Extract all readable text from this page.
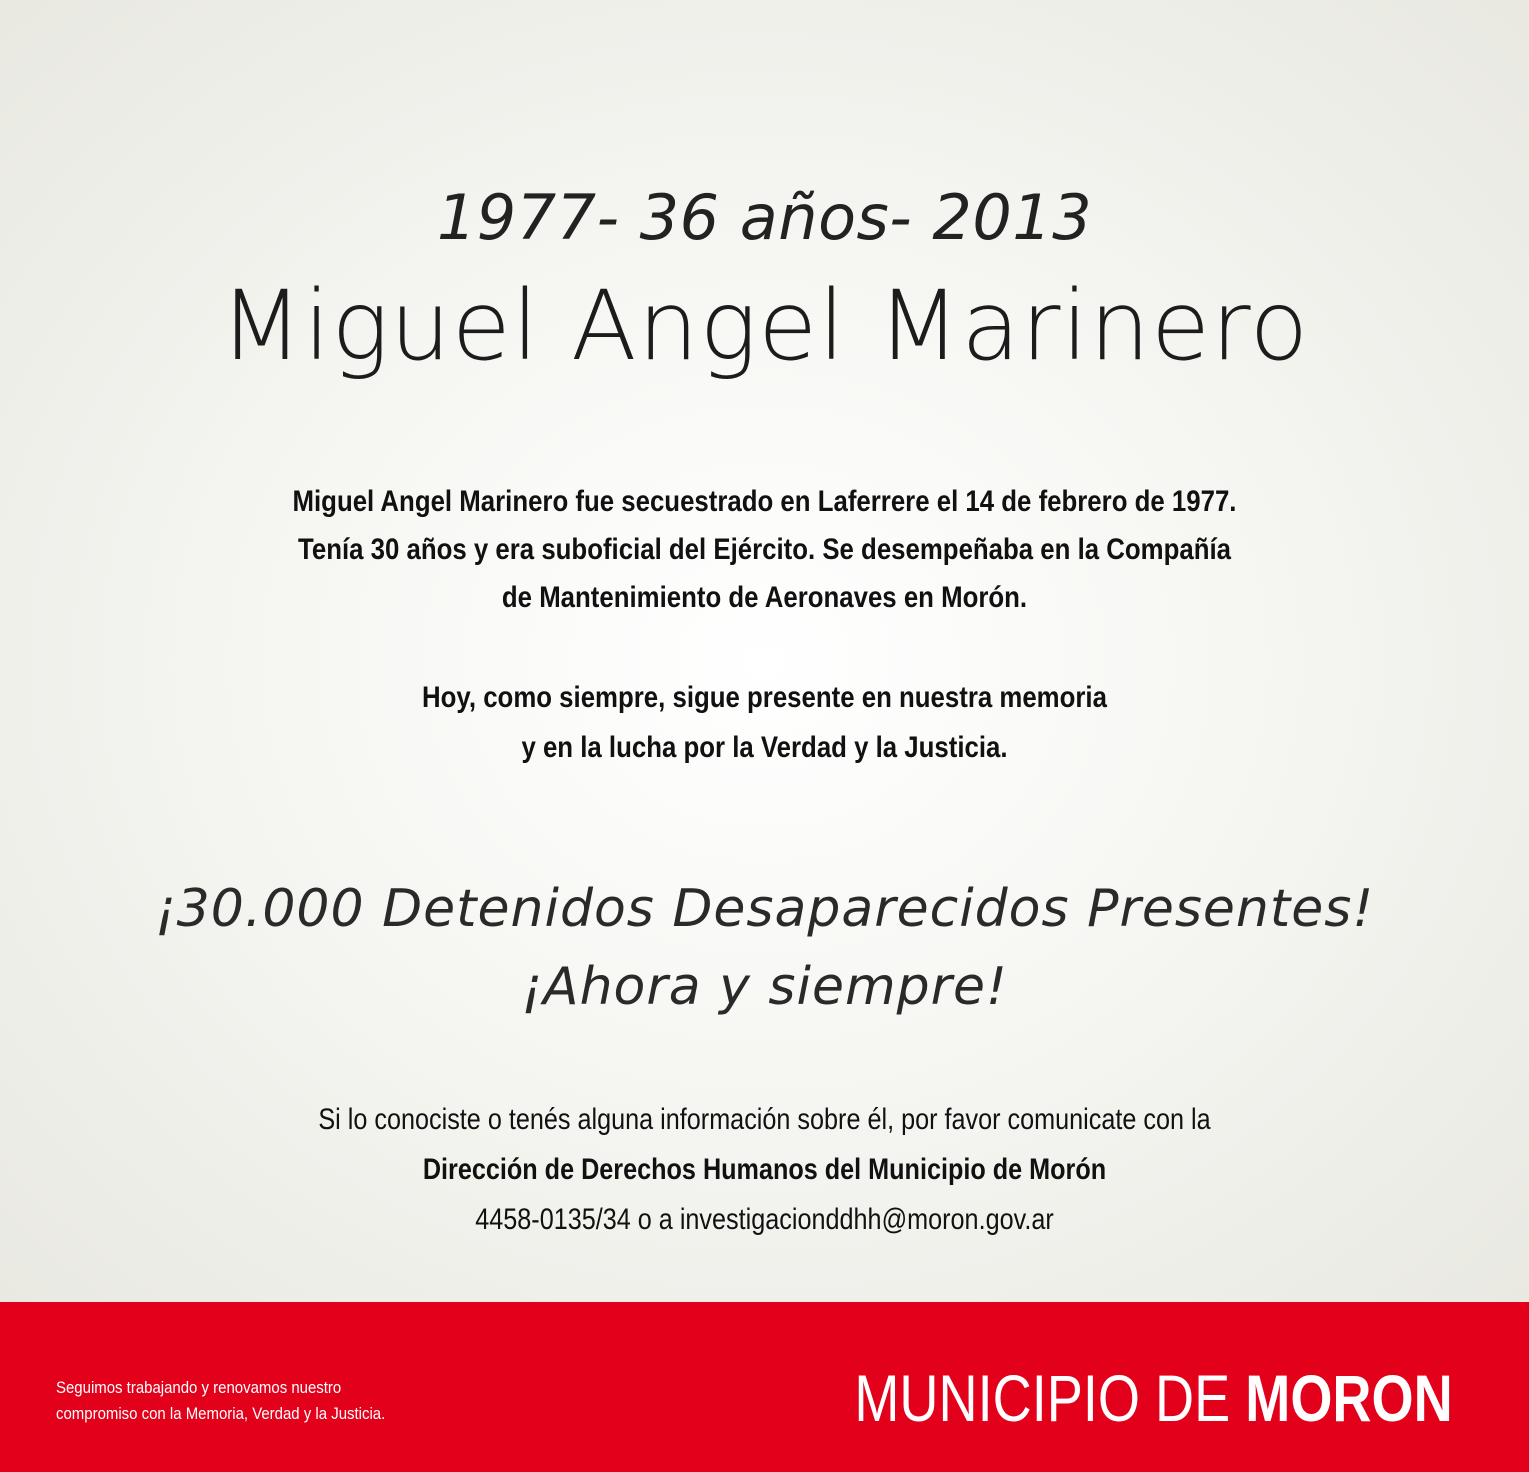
1977- 36 años- 2013
Miguel Angel Marinero
Miguel Angel Marinero fue secuestrado en Laferrere el 14 de febrero de 1977.
Tenía 30 años y era suboficial del Ejército. Se desempeñaba en la Compañía
de Mantenimiento de Aeronaves en Morón.
Hoy, como siempre, sigue presente en nuestra memoria
y en la lucha por la Verdad y la Justicia.
¡30.000 Detenidos Desaparecidos Presentes!
¡Ahora y siempre!
Si lo conociste o tenés alguna información sobre él, por favor comunicate con la
Dirección de Derechos Humanos del Municipio de Morón
4458-0135/34 o a investigacionddhh@moron.gov.ar
Seguimos trabajando y renovamos nuestro
compromiso con la Memoria, Verdad y la Justicia.	MUNICIPIO DE MORON
